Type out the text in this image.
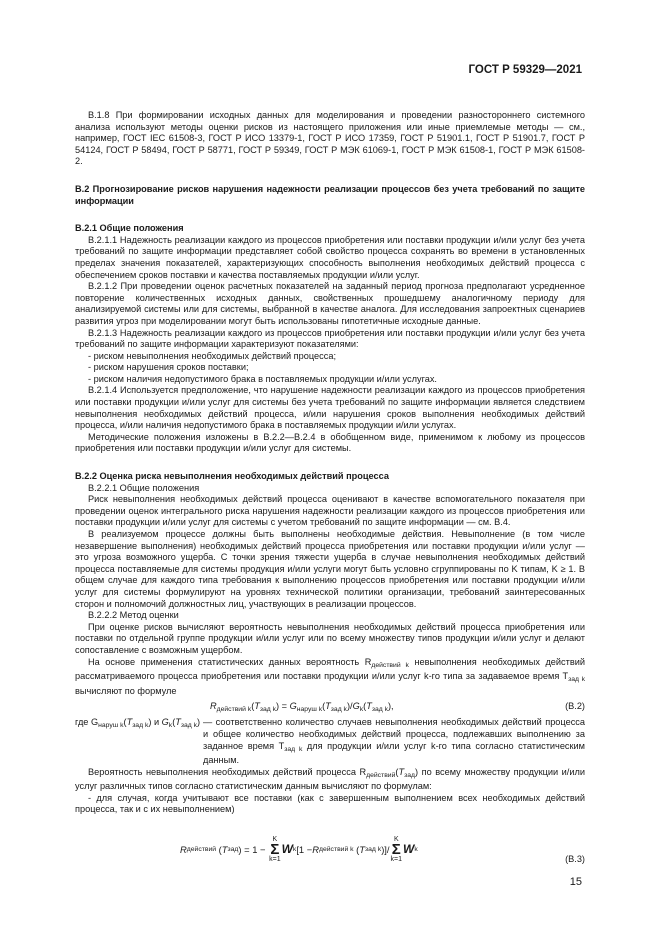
ГОСТ Р 59329—2021

В.1.8 При формировании исходных данных для моделирования и проведении разностороннего системного анализа используют методы оценки рисков из настоящего приложения или иные приемлемые методы — см., например, ГОСТ IEC 61508-3, ГОСТ Р ИСО 13379-1, ГОСТ Р ИСО 17359, ГОСТ Р 51901.1, ГОСТ Р 51901.7, ГОСТ Р 54124, ГОСТ Р 58494, ГОСТ Р 58771, ГОСТ Р 59349, ГОСТ Р МЭК 61069-1, ГОСТ Р МЭК 61508-1, ГОСТ Р МЭК 61508-2.

В.2 Прогнозирование рисков нарушения надежности реализации процессов без учета требований по защите информации

В.2.1 Общие положения

В.2.1.1 Надежность реализации каждого из процессов приобретения или поставки продукции и/или услуг без учета требований по защите информации представляет собой свойство процесса сохранять во времени в установленных пределах значения показателей, характеризующих способность выполнения необходимых действий процесса с обеспечением сроков поставки и качества поставляемых продукции и/или услуг.

В.2.1.2 При проведении оценок расчетных показателей на заданный период прогноза предполагают усредненное повторение количественных исходных данных, свойственных прошедшему аналогичному периоду для анализируемой системы или для системы, выбранной в качестве аналога. Для исследования запроектных сценариев развития угроз при моделировании могут быть использованы гипотетичные исходные данные.

В.2.1.3 Надежность реализации каждого из процессов приобретения или поставки продукции и/или услуг без учета требований по защите информации характеризуют показателями:

- риском невыполнения необходимых действий процесса;

- риском нарушения сроков поставки;

- риском наличия недопустимого брака в поставляемых продукции и/или услугах.

В.2.1.4 Используется предположение, что нарушение надежности реализации каждого из процессов приобретения или поставки продукции и/или услуг для системы без учета требований по защите информации является следствием невыполнения необходимых действий процесса, и/или нарушения сроков выполнения необходимых действий процесса, и/или наличия недопустимого брака в поставляемых продукции и/или услугах.

Методические положения изложены в В.2.2—В.2.4 в обобщенном виде, применимом к любому из процессов приобретения или поставки продукции и/или услуг для системы.

В.2.2 Оценка риска невыполнения необходимых действий процесса

В.2.2.1 Общие положения

Риск невыполнения необходимых действий процесса оценивают в качестве вспомогательного показателя при проведении оценок интегрального риска нарушения надежности реализации каждого из процессов приобретения или поставки продукции и/или услуг для системы с учетом требований по защите информации — см. В.4.

В реализуемом процессе должны быть выполнены необходимые действия. Невыполнение (в том числе незавершение выполнения) необходимых действий процесса приобретения или поставки продукции и/или услуг — это угроза возможного ущерба. С точки зрения тяжести ущерба в случае невыполнения необходимых действий процесса поставляемые для системы продукция и/или услуги могут быть условно сгруппированы по K типам, K ≥ 1. В общем случае для каждого типа требования к выполнению процессов приобретения или поставки продукции и/или услуг для системы формулируют на уровнях технической политики организации, требований заинтересованных сторон и полномочий должностных лиц, участвующих в реализации процессов.

В.2.2.2 Метод оценки

При оценке рисков вычисляют вероятность невыполнения необходимых действий процесса приобретения или поставки по отдельной группе продукции и/или услуг или по всему множеству типов продукции и/или услуг и делают сопоставление с возможным ущербом.

На основе применения статистических данных вероятность $R_{действий k}$ невыполнения необходимых действий рассматриваемого процесса приобретения или поставки продукции и/или услуг k-го типа за задаваемое время $T_{зад k}$ вычисляют по формуле

$R_{действий k}(T_{зад k}) = G_{наруш k}(T_{зад k})/G_k(T_{зад k})$,	(В.2)
где $G_{наруш k}(T_{зад k})$ и $G_k(T_{зад k})$ — соответственно количество случаев невыполнения необходимых действий процесса и общее количество необходимых действий процесса, подлежавших выполнению за заданное время $T_{зад k}$ для продукции и/или услуг k-го типа согласно статистическим данным.

Вероятность невыполнения необходимых действий процесса $R_{действий}(T_{зад})$ по всему множеству продукции и/или услуг различных типов согласно статистическим данным вычисляют по формулам:

- для случая, когда учитывают все поставки (как с завершенным выполнением всех необходимых действий процесса, так и с их невыполнением)

R действий ( T зад ) = 1 −
K
Σ
k=1
W k [1 − R действий k ( T зад k )]/
K
Σ
k=1
W k
(В.3)
15
